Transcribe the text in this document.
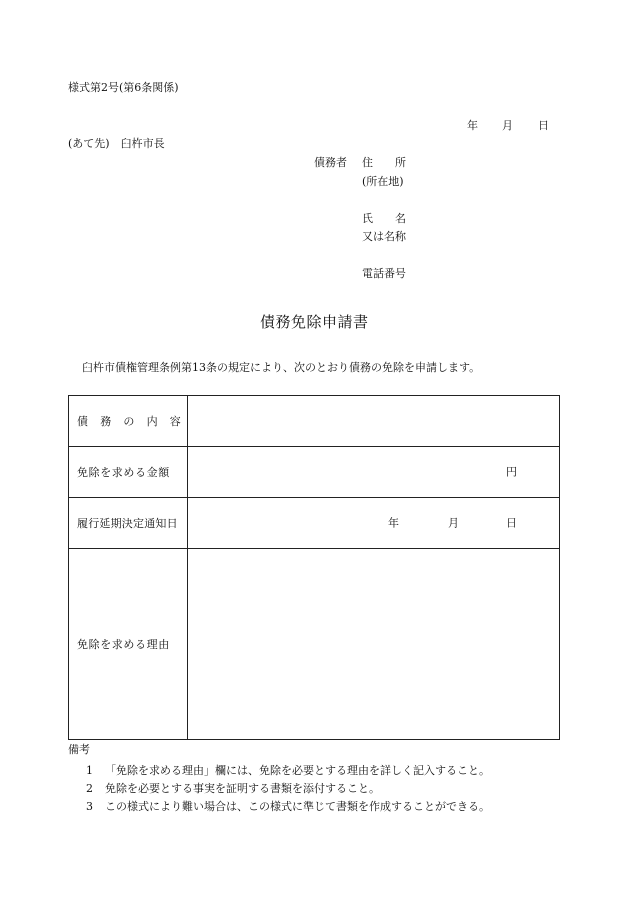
様式第2号(第6条関係)
年 月 日
(あて先)　臼杵市長
債務者 住　　所
(所在地)
氏　　名
又は名称
電話番号
債務免除申請書
臼杵市債権管理条例第13条の規定により、次のとおり債務の免除を申請します。
債　務　の　内　容
免除を求める金額	円
履行延期決定通知日	年	月	日
免除を求める理由
備考
1 「免除を求める理由」欄には、免除を必要とする理由を詳しく記入すること。
2 免除を必要とする事実を証明する書類を添付すること。
3 この様式により難い場合は、この様式に準じて書類を作成することができる。
